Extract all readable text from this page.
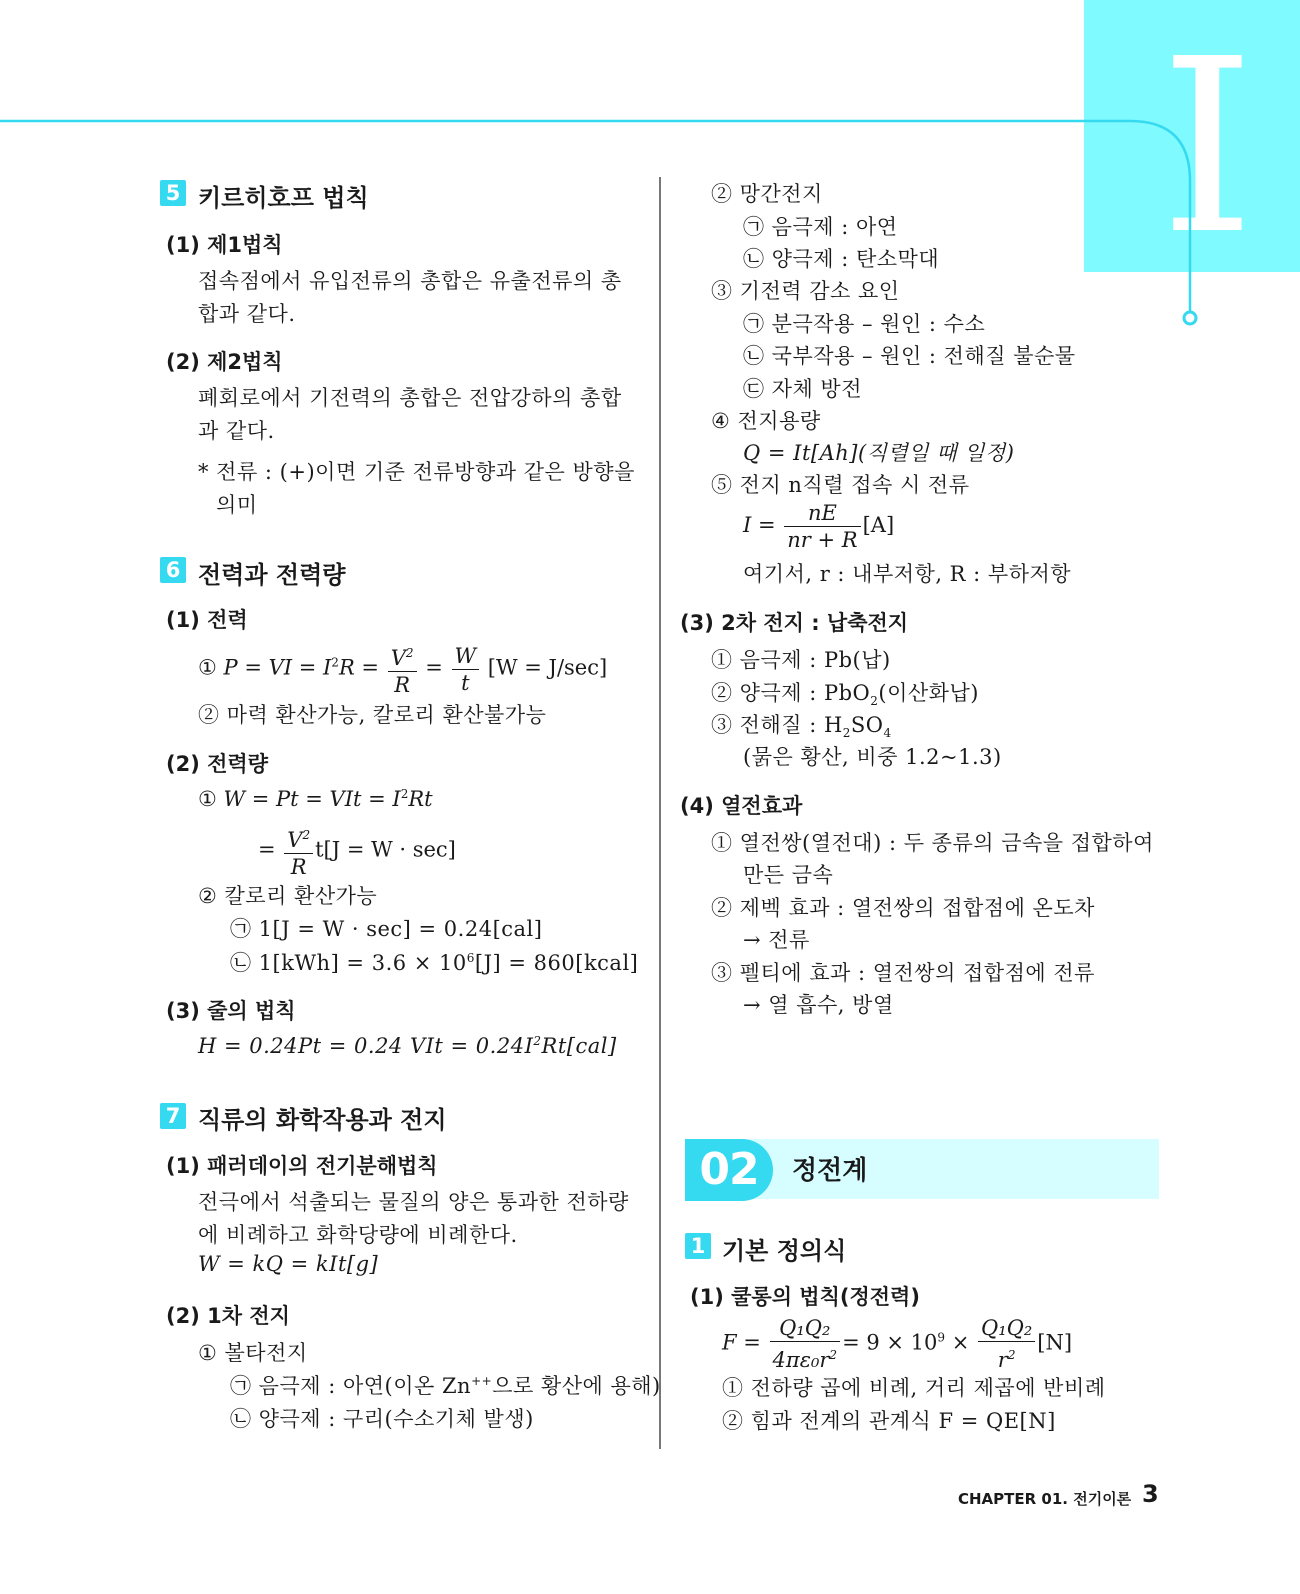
I
5 키르히호프 법칙
(1) 제1법칙
접속점에서 유입전류의 총합은 유출전류의 총
합과 같다.
(2) 제2법칙
폐회로에서 기전력의 총합은 전압강하의 총합
과 같다.
* 전류 : (+)이면 기준 전류방향과 같은 방향을
의미
6 전력과 전력량
(1) 전력
① P = VI = $I^2R = \frac{V^2}{R} = \frac{W}{t} [W = J/\sec]$
② 마력 환산가능, 칼로리 환산불가능
(2) 전력량
① W = Pt = VIt = $I^2Rt$
= $\frac{V^2}{R} t[J = W \cdot \sec]$
② 칼로리 환산가능
㉠ 1[J = W · sec] = 0.24[cal]
㉡ $1[kWh] = 3.6 \times 10^6[J]$ = 860[kcal]
(3) 줄의 법칙
H = 0.24Pt = 0.24 VIt = $0.24I^2Rt[cal]$
7 직류의 화학작용과 전지
(1) 패러데이의 전기분해법칙
전극에서 석출되는 물질의 양은 통과한 전하량
에 비례하고 화학당량에 비례한다.
W = kQ = kIt[g]
(2) 1차 전지
① 볼타전지
㉠ 음극제 : 아연(이온 Zn++으로 황산에 용해)
㉡ 양극제 : 구리(수소기체 발생)
② 망간전지
㉠ 음극제 : 아연
㉡ 양극제 : 탄소막대
③ 기전력 감소 요인
㉠ 분극작용 – 원인 : 수소
㉡ 국부작용 – 원인 : 전해질 불순물
㉢ 자체 방전
④ 전지용량
Q = It[Ah](직렬일 때 일정)
⑤ 전지 n직렬 접속 시 전류
$I = \frac{nE}{nr + R} [A]$
여기서, r : 내부저항, R : 부하저항
(3) 2차 전지 : 납축전지
① 음극제 : Pb(납)
② 양극제 : PbO$_2$(이산화납)
③ 전해질 : $H_2SO_4$
(묽은 황산, 비중 1.2~1.3)
(4) 열전효과
① 열전쌍(열전대) : 두 종류의 금속을 접합하여
만든 금속
② 제벡 효과 : 열전쌍의 접합점에 온도차
→ 전류
③ 펠티에 효과 : 열전쌍의 접합점에 전류
→ 열 흡수, 방열
02	정전계
1 기본 정의식
(1) 쿨롱의 법칙(정전력)
$F = \frac{\text{Q₁Q₂}}{4\pi\varepsilon_0r^2} = 9 \times 10^9 \times \frac{\text{Q₁Q₂}}{r^2} [N]$
① 전하량 곱에 비례, 거리 제곱에 반비례
② 힘과 전계의 관계식 F = QE[N]
CHAPTER 01. 전기이론 3
